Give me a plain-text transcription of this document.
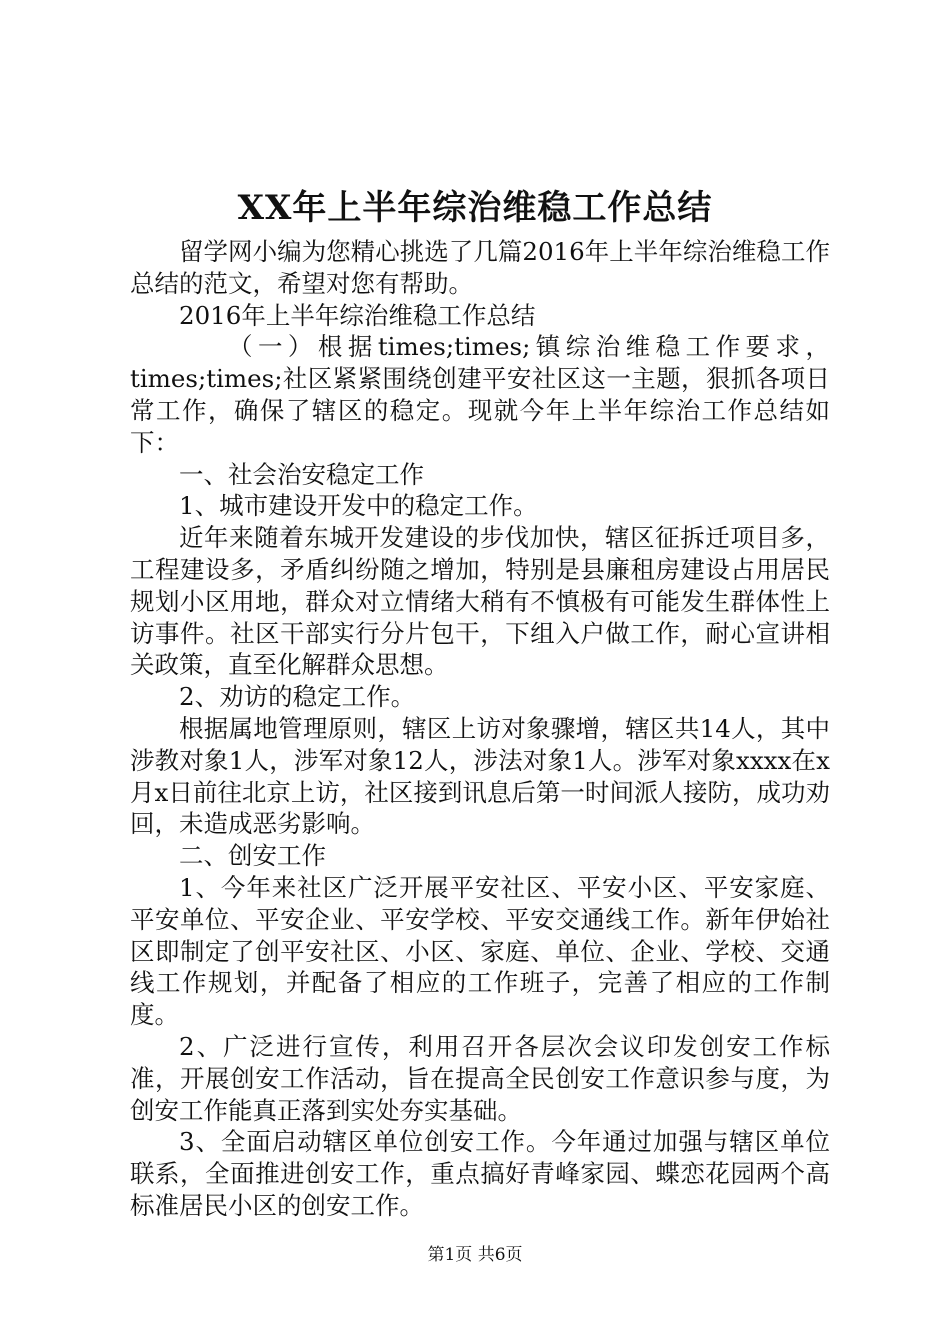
XX年上半年综治维稳工作总结

留学网小编为您精心挑选了几篇2016年上半年综治维稳工作总结的范文，希望对您有帮助。

2016年上半年综治维稳工作总结

（一）根据times;times;镇综治维稳工作要求，times;times;社区紧紧围绕创建平安社区这一主题，狠抓各项日常工作，确保了辖区的稳定。现就今年上半年综治工作总结如下：

一、社会治安稳定工作

1、城市建设开发中的稳定工作。

近年来随着东城开发建设的步伐加快，辖区征拆迁项目多，工程建设多，矛盾纠纷随之增加，特别是县廉租房建设占用居民规划小区用地，群众对立情绪大稍有不慎极有可能发生群体性上访事件。社区干部实行分片包干，下组入户做工作，耐心宣讲相关政策，直至化解群众思想。

2、劝访的稳定工作。

根据属地管理原则，辖区上访对象骤增，辖区共14人，其中涉教对象1人，涉军对象12人，涉法对象1人。涉军对象xxxx在x月x日前往北京上访，社区接到讯息后第一时间派人接防，成功劝回，未造成恶劣影响。

二、创安工作

1、今年来社区广泛开展平安社区、平安小区、平安家庭、平安单位、平安企业、平安学校、平安交通线工作。新年伊始社区即制定了创平安社区、小区、家庭、单位、企业、学校、交通线工作规划，并配备了相应的工作班子，完善了相应的工作制度。

2、广泛进行宣传，利用召开各层次会议印发创安工作标准，开展创安工作活动，旨在提高全民创安工作意识参与度，为创安工作能真正落到实处夯实基础。

3、全面启动辖区单位创安工作。今年通过加强与辖区单位联系，全面推进创安工作，重点搞好青峰家园、蝶恋花园两个高标准居民小区的创安工作。

第1页 共6页
